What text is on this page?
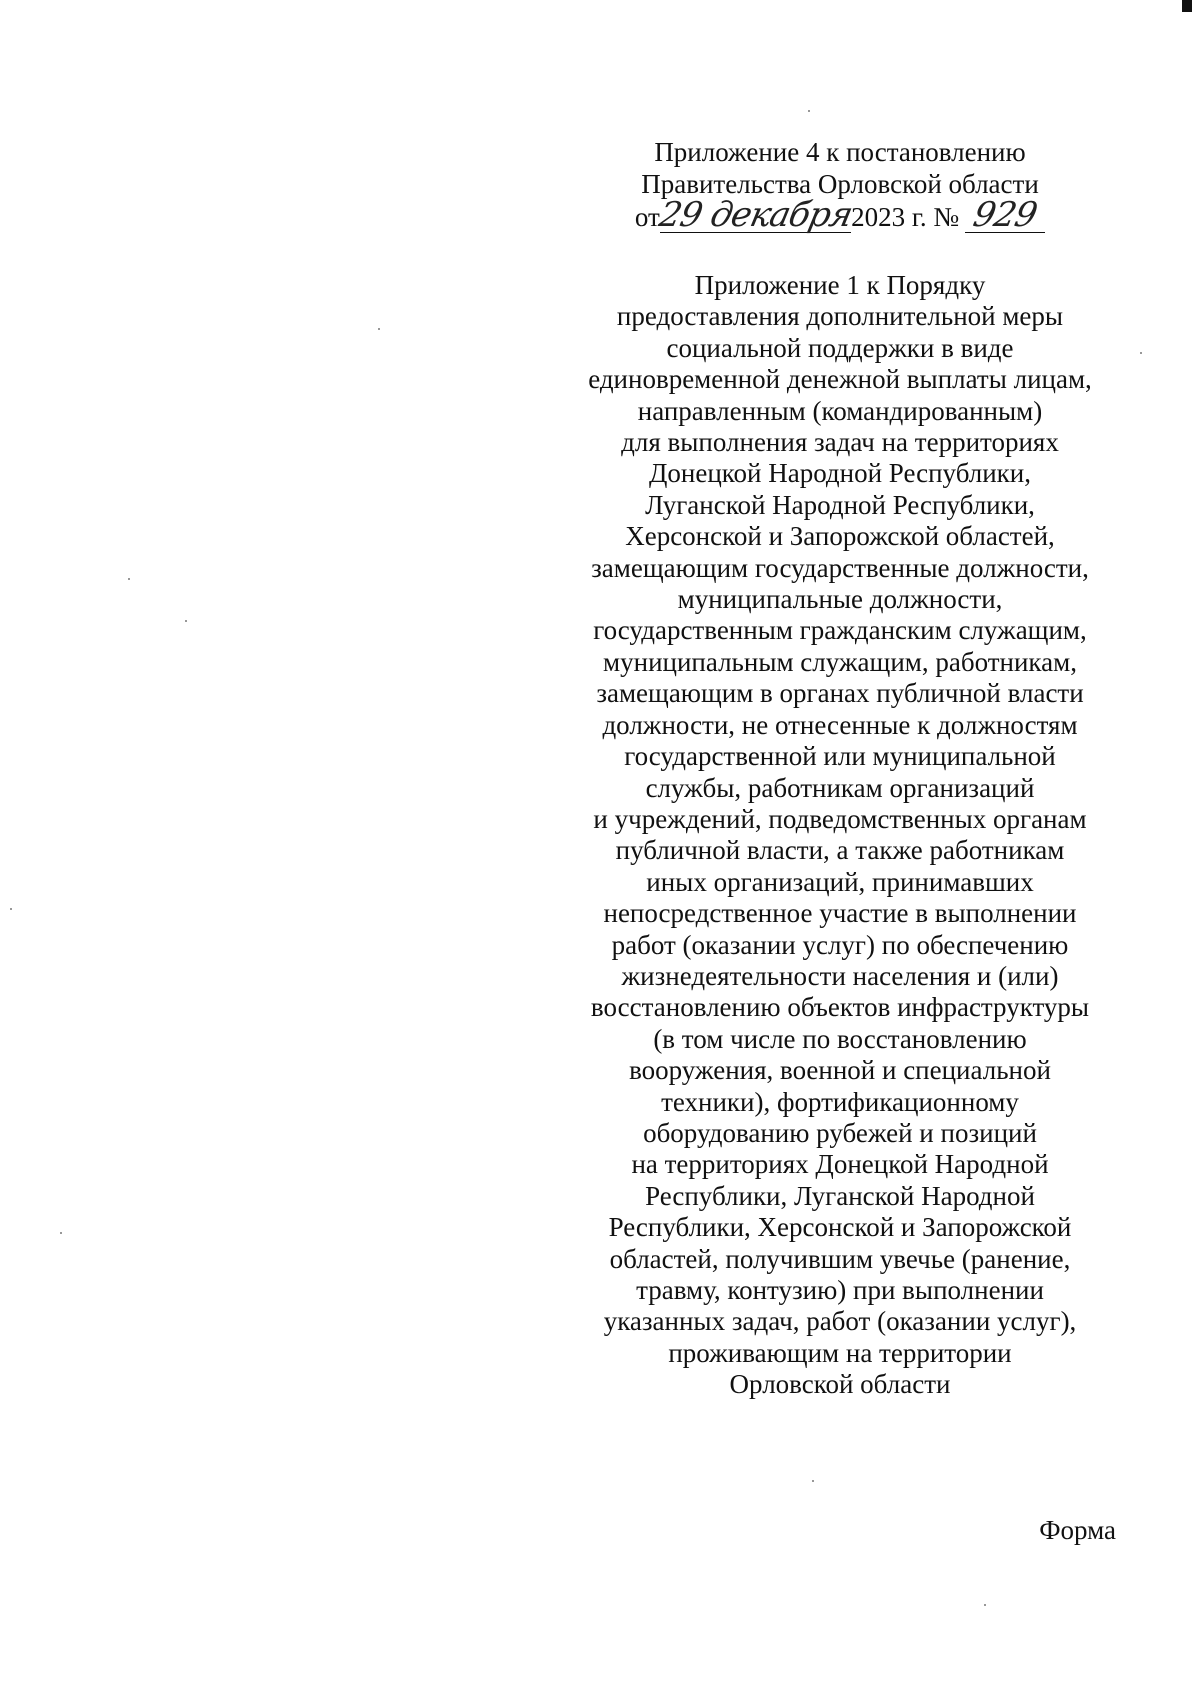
Приложение 4 к постановлению
Правительства Орловской области
от29 декабря2023 г. № 929
Приложение 1 к Порядку
предоставления дополнительной меры
социальной поддержки в виде
единовременной денежной выплаты лицам,
направленным (командированным)
для выполнения задач на территориях
Донецкой Народной Республики,
Луганской Народной Республики,
Херсонской и Запорожской областей,
замещающим государственные должности,
муниципальные должности,
государственным гражданским служащим,
муниципальным служащим, работникам,
замещающим в органах публичной власти
должности, не отнесенные к должностям
государственной или муниципальной
службы, работникам организаций
и учреждений, подведомственных органам
публичной власти, а также работникам
иных организаций, принимавших
непосредственное участие в выполнении
работ (оказании услуг) по обеспечению
жизнедеятельности населения и (или)
восстановлению объектов инфраструктуры
(в том числе по восстановлению
вооружения, военной и специальной
техники), фортификационному
оборудованию рубежей и позиций
на территориях Донецкой Народной
Республики, Луганской Народной
Республики, Херсонской и Запорожской
областей, получившим увечье (ранение,
травму, контузию) при выполнении
указанных задач, работ (оказании услуг),
проживающим на территории
Орловской области
Форма
